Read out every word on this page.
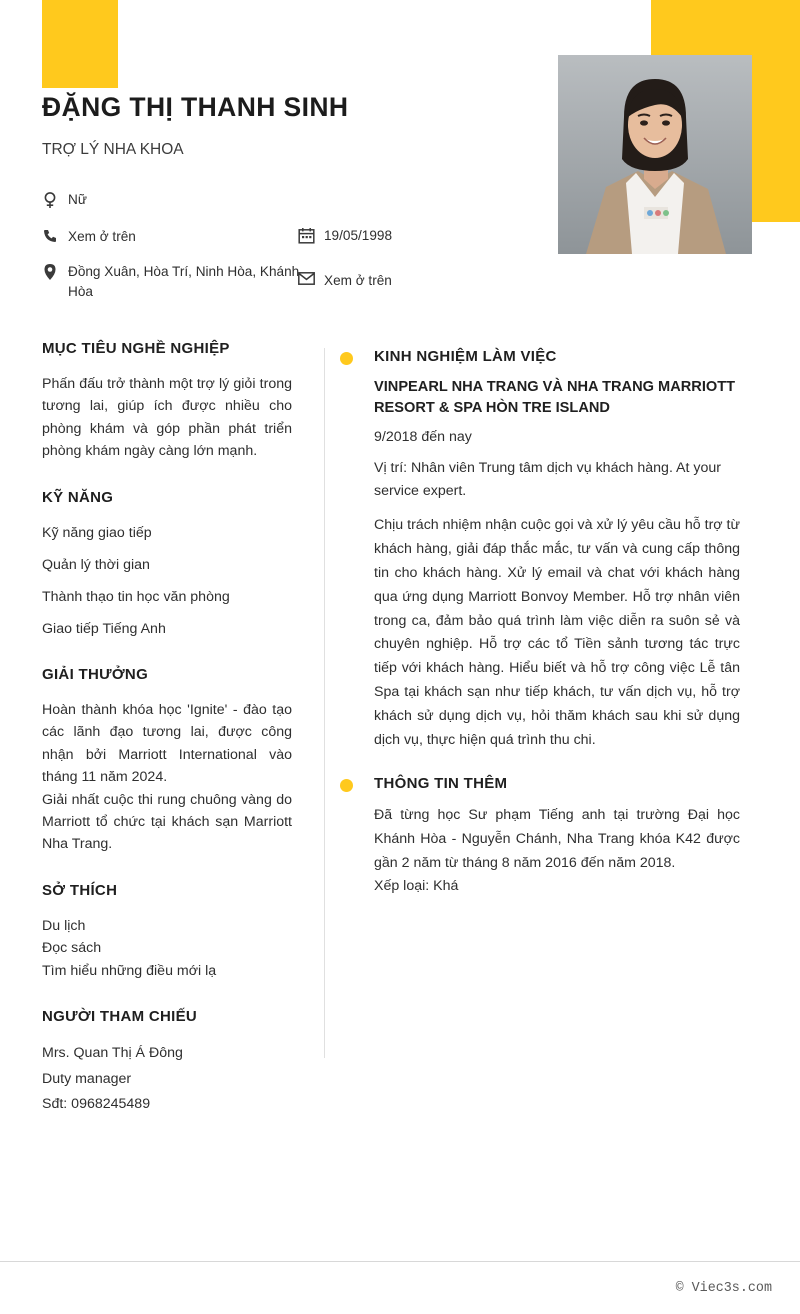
ĐẶNG THỊ THANH SINH
TRỢ LÝ NHA KHOA
Nữ
Xem ở trên
Đồng Xuân, Hòa Trí, Ninh Hòa, Khánh Hòa
19/05/1998
Xem ở trên
MỤC TIÊU NGHỀ NGHIỆP

Phấn đấu trở thành một trợ lý giỏi trong tương lai, giúp ích được nhiều cho phòng khám và góp phần phát triển phòng khám ngày càng lớn mạnh.

KỸ NĂNG
Kỹ năng giao tiếp
Quản lý thời gian
Thành thạo tin học văn phòng
Giao tiếp Tiếng Anh
GIẢI THƯỞNG

Hoàn thành khóa học 'Ignite' - đào tạo các lãnh đạo tương lai, được công nhận bởi Marriott International vào tháng 11 năm 2024.

Giải nhất cuộc thi rung chuông vàng do Marriott tổ chức tại khách sạn Marriott Nha Trang.

SỞ THÍCH
Du lịch
Đọc sách
Tìm hiểu những điều mới lạ
NGƯỜI THAM CHIẾU
Mrs. Quan Thị Á Đông
Duty manager
Sđt: 0968245489
KINH NGHIỆM LÀM VIỆC

VINPEARL NHA TRANG VÀ NHA TRANG MARRIOTT RESORT & SPA HÒN TRE ISLAND

9/2018 đến nay

Vị trí: Nhân viên Trung tâm dịch vụ khách hàng. At your service expert.

Chịu trách nhiệm nhận cuộc gọi và xử lý yêu cầu hỗ trợ từ khách hàng, giải đáp thắc mắc, tư vấn và cung cấp thông tin cho khách hàng. Xử lý email và chat với khách hàng qua ứng dụng Marriott Bonvoy Member. Hỗ trợ nhân viên trong ca, đảm bảo quá trình làm việc diễn ra suôn sẻ và chuyên nghiệp. Hỗ trợ các tổ Tiền sảnh tương tác trực tiếp với khách hàng. Hiểu biết và hỗ trợ công việc Lễ tân Spa tại khách sạn như tiếp khách, tư vấn dịch vụ, hỗ trợ khách sử dụng dịch vụ, hỏi thăm khách sau khi sử dụng dịch vụ, thực hiện quá trình thu chi.

THÔNG TIN THÊM

Đã từng học Sư phạm Tiếng anh tại trường Đại học Khánh Hòa - Nguyễn Chánh, Nha Trang khóa K42 được gần 2 năm từ tháng 8 năm 2016 đến năm 2018.

Xếp loại: Khá

© Viec3s.com
